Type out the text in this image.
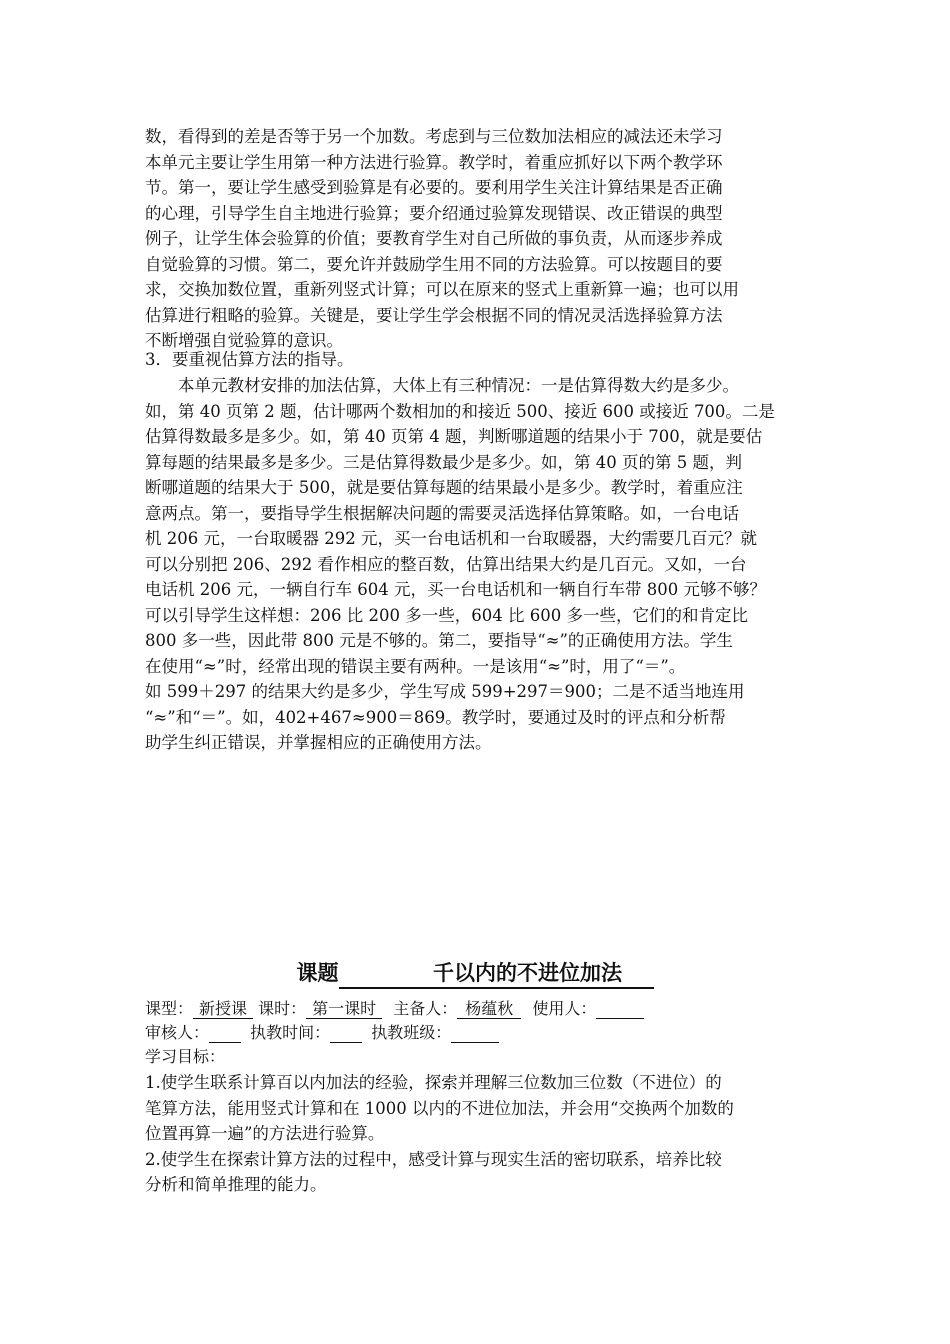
数，看得到的差是否等于另一个加数。考虑到与三位数加法相应的减法还未学习
本单元主要让学生用第一种方法进行验算。教学时，着重应抓好以下两个教学环
节。第一，要让学生感受到验算是有必要的。要利用学生关注计算结果是否正确
的心理，引导学生自主地进行验算；要介绍通过验算发现错误、改正错误的典型
例子，让学生体会验算的价值；要教育学生对自己所做的事负责，从而逐步养成
自觉验算的习惯。第二，要允许并鼓励学生用不同的方法验算。可以按题目的要
求，交换加数位置，重新列竖式计算；可以在原来的竖式上重新算一遍；也可以用
估算进行粗略的验算。关键是，要让学生学会根据不同的情况灵活选择验算方法
不断增强自觉验算的意识。
3．要重视估算方法的指导。
　　本单元教材安排的加法估算，大体上有三种情况：一是估算得数大约是多少。
如，第 40 页第 2 题，估计哪两个数相加的和接近 500、接近 600 或接近 700。二是
估算得数最多是多少。如，第 40 页第 4 题，判断哪道题的结果小于 700，就是要估
算每题的结果最多是多少。三是估算得数最少是多少。如，第 40 页的第 5 题，判
断哪道题的结果大于 500，就是要估算每题的结果最小是多少。教学时，着重应注
意两点。第一，要指导学生根据解决问题的需要灵活选择估算策略。如，一台电话
机 206 元，一台取暖器 292 元，买一台电话机和一台取暖器，大约需要几百元？就
可以分别把 206、292 看作相应的整百数，估算出结果大约是几百元。又如，一台
电话机 206 元，一辆自行车 604 元，买一台电话机和一辆自行车带 800 元够不够？
可以引导学生这样想：206 比 200 多一些，604 比 600 多一些，它们的和肯定比
800 多一些，因此带 800 元是不够的。第二，要指导“≈”的正确使用方法。学生
在使用“≈”时，经常出现的错误主要有两种。一是该用“≈”时，用了“＝”。
如 599＋297 的结果大约是多少，学生写成 599+297＝900；二是不适当地连用
“≈”和“＝”。如，402+467≈900＝869。教学时，要通过及时的评点和分析帮
助学生纠正错误，并掌握相应的正确使用方法。
课题　　　	千以内的不进位加法　　　
课型： 新授课 课时： 第一课时 主备人： 杨蕴秋 使用人：　　　
审核人：　　	执教时间：　　	执教班级：　　　
学习目标：
1.使学生联系计算百以内加法的经验，探索并理解三位数加三位数（不进位）的
笔算方法，能用竖式计算和在 1000 以内的不进位加法，并会用“交换两个加数的
位置再算一遍”的方法进行验算。
2.使学生在探索计算方法的过程中，感受计算与现实生活的密切联系，培养比较
分析和简单推理的能力。
